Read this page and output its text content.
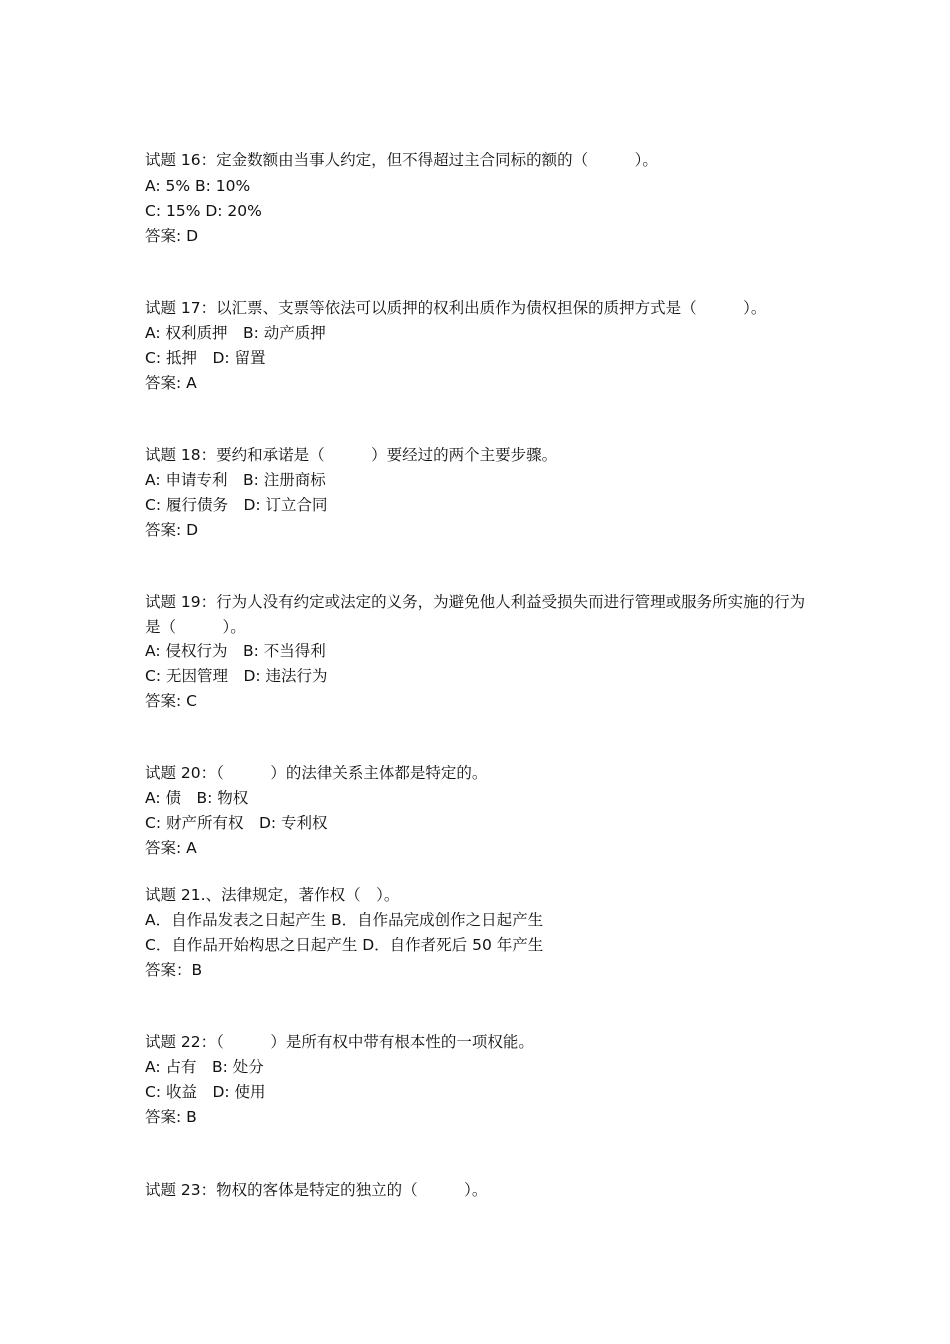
试题 16：定金数额由当事人约定，但不得超过主合同标的额的（　　　）。
A: 5% B: 10%
C: 15% D: 20%
答案: D
试题 17：以汇票、支票等依法可以质押的权利出质作为债权担保的质押方式是（　　　）。
A: 权利质押　B: 动产质押
C: 抵押　D: 留置
答案: A
试题 18：要约和承诺是（　　　）要经过的两个主要步骤。
A: 申请专利　B: 注册商标
C: 履行债务　D: 订立合同
答案: D
试题 19：行为人没有约定或法定的义务，为避免他人利益受损失而进行管理或服务所实施的行为是（　　　）。
A: 侵权行为　B: 不当得利
C: 无因管理　D: 违法行为
答案: C
试题 20：（　　　）的法律关系主体都是特定的。
A: 债　B: 物权
C: 财产所有权　D: 专利权
答案: A
试题 21.、法律规定，著作权（　）。
A．自作品发表之日起产生 B．自作品完成创作之日起产生
C．自作品开始构思之日起产生 D．自作者死后 50 年产生
答案：B
试题 22：（　　　）是所有权中带有根本性的一项权能。
A: 占有　B: 处分
C: 收益　D: 使用
答案: B
试题 23：物权的客体是特定的独立的（　　　）。
